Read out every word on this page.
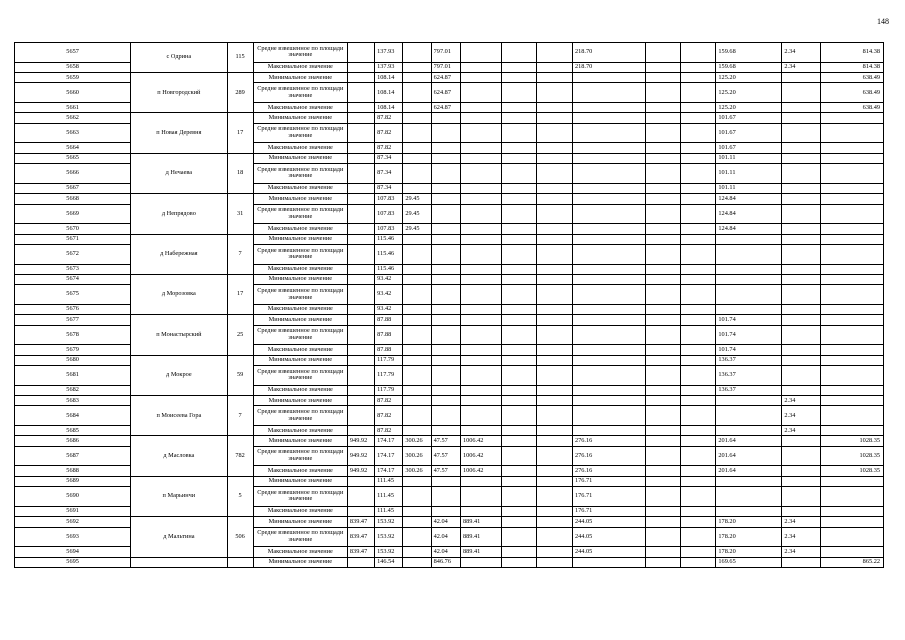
148
5657	с Одрина	115	Средне взвешенное по площади значение		137.93		797.01				218.70			159.68	2.34	814.38
5658			Максимальное значение		137.93		797.01				218.70			159.68	2.34	814.38
5659	п Новгородский	289	Минимальное значение		108.14		624.87							125.20		638.49
5660			Средне взвешенное по площади значение		108.14		624.87							125.20		638.49
5661			Максимальное значение		108.14		624.87							125.20		638.49
5662	п Новая Деревня	17	Минимальное значение		87.82									101.67		
5663			Средне взвешенное по площади значение		87.82									101.67		
5664			Максимальное значение		87.82									101.67		
5665	д Нечаева	18	Минимальное значение		87.34									101.11		
5666			Средне взвешенное по площади значение		87.34									101.11		
5667			Максимальное значение		87.34									101.11		
5668	д Непрядово	31	Минимальное значение		107.83	29.45								124.84		
5669			Средне взвешенное по площади значение		107.83	29.45								124.84		
5670			Максимальное значение		107.83	29.45								124.84		
5671	д Набережная	7	Минимальное значение		115.46											
5672			Средне взвешенное по площади значение		115.46											
5673			Максимальное значение		115.46											
5674	д Морозовка	17	Минимальное значение		93.42											
5675			Средне взвешенное по площади значение		93.42											
5676			Максимальное значение		93.42											
5677	п Монастырский	25	Минимальное значение		87.88									101.74		
5678			Средне взвешенное по площади значение		87.88									101.74		
5679			Максимальное значение		87.88									101.74		
5680	д Мокрое	59	Минимальное значение		117.79									136.37		
5681			Средне взвешенное по площади значение		117.79									136.37		
5682			Максимальное значение		117.79									136.37		
5683	п Моисеева Гора	7	Минимальное значение		87.82										2.34	
5684			Средне взвешенное по площади значение		87.82										2.34	
5685			Максимальное значение		87.82										2.34	
5686	д Масловка	782	Минимальное значение	949.92	174.17	300.26	47.57	1006.42			276.16			201.64		1028.35
5687			Средне взвешенное по площади значение	949.92	174.17	300.26	47.57	1006.42			276.16			201.64		1028.35
5688			Максимальное значение	949.92	174.17	300.26	47.57	1006.42			276.16			201.64		1028.35
5689	п Марьинчи	5	Минимальное значение		111.45						176.71					
5690			Средне взвешенное по площади значение		111.45						176.71					
5691			Максимальное значение		111.45						176.71					
5692	д Мальтина	506	Минимальное значение	839.47	153.92		42.04	889.41			244.05			178.20	2.34	
5693			Средне взвешенное по площади значение	839.47	153.92		42.04	889.41			244.05			178.20	2.34	
5694			Максимальное значение	839.47	153.92		42.04	889.41			244.05			178.20	2.34	
5695			Минимальное значение		146.54		846.76							169.65		865.22
